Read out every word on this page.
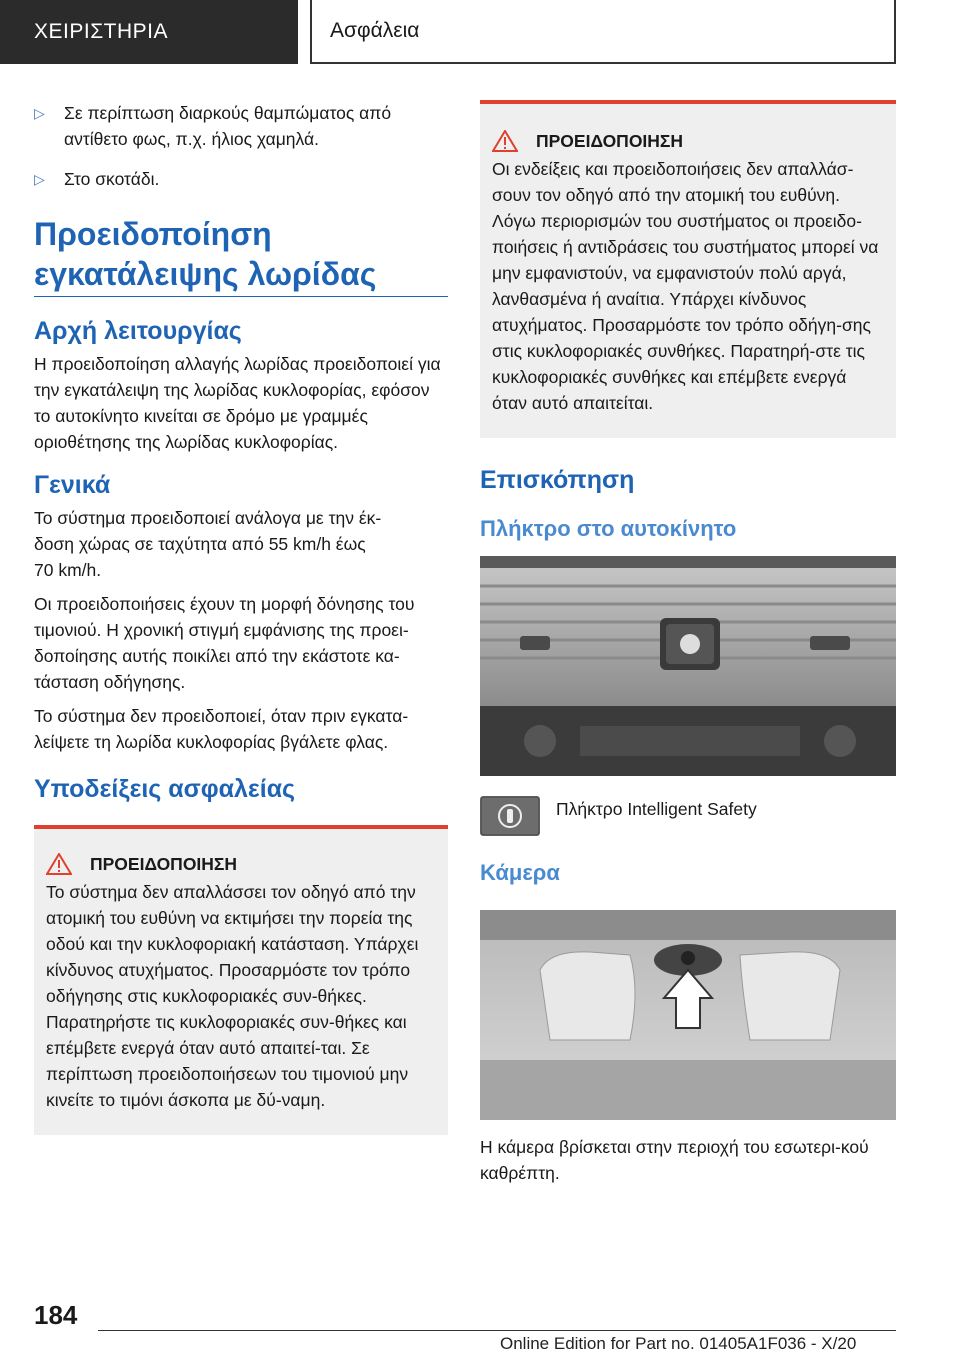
ΧΕΙΡΙΣΤΗΡΙΑ	Ασφάλεια
▷ Σε περίπτωση διαρκούς θαμπώματος από αντίθετο φως, π.χ. ήλιος χαμηλά.
▷ Στο σκοτάδι.
Προειδοποίηση
εγκατάλειψης λωρίδας
Αρχή λειτουργίας

Η προειδοποίηση αλλαγής λωρίδας προειδοποιεί για την εγκατάλειψη της λωρίδας κυκλοφορίας, εφόσον το αυτοκίνητο κινείται σε δρόμο με γραμμές οριοθέτησης της λωρίδας κυκλοφορίας.

Γενικά

Το σύστημα προειδοποιεί ανάλογα με την έκ-
δοση χώρας σε ταχύτητα από 55 km/h έως
70 km/h.

Οι προειδοποιήσεις έχουν τη μορφή δόνησης του τιμονιού. Η χρονική στιγμή εμφάνισης της προει-δοποίησης αυτής ποικίλει από την εκάστοτε κα-τάσταση οδήγησης.

Το σύστημα δεν προειδοποιεί, όταν πριν εγκατα-λείψετε τη λωρίδα κυκλοφορίας βγάλετε φλας.

Υποδείξεις ασφαλείας
ΠΡΟΕΙΔΟΠΟΙΗΣΗ

Το σύστημα δεν απαλλάσσει τον οδηγό από την ατομική του ευθύνη να εκτιμήσει την πορεία της οδού και την κυκλοφοριακή κατάσταση. Υπάρχει κίνδυνος ατυχήματος. Προσαρμόστε τον τρόπο οδήγησης στις κυκλοφοριακές συν-θήκες. Παρατηρήστε τις κυκλοφοριακές συν-θήκες και επέμβετε ενεργά όταν αυτό απαιτεί-ται. Σε περίπτωση προειδοποιήσεων του τιμονιού μην κινείτε το τιμόνι άσκοπα με δύ-ναμη.

ΠΡΟΕΙΔΟΠΟΙΗΣΗ

Οι ενδείξεις και προειδοποιήσεις δεν απαλλάσ-σουν τον οδηγό από την ατομική του ευθύνη. Λόγω περιορισμών του συστήματος οι προειδο-ποιήσεις ή αντιδράσεις του συστήματος μπορεί να μην εμφανιστούν, να εμφανιστούν πολύ αργά, λανθασμένα ή αναίτια. Υπάρχει κίνδυνος ατυχήματος. Προσαρμόστε τον τρόπο οδήγη-σης στις κυκλοφοριακές συνθήκες. Παρατηρή-στε τις κυκλοφοριακές συνθήκες και επέμβετε ενεργά όταν αυτό απαιτείται.

Επισκόπηση
Πλήκτρο στο αυτοκίνητο

Πλήκτρο Intelligent Safety

Κάμερα

Η κάμερα βρίσκεται στην περιοχή του εσωτερι-κού καθρέπτη.

184
Online Edition for Part no. 01405A1F036 - X/20
